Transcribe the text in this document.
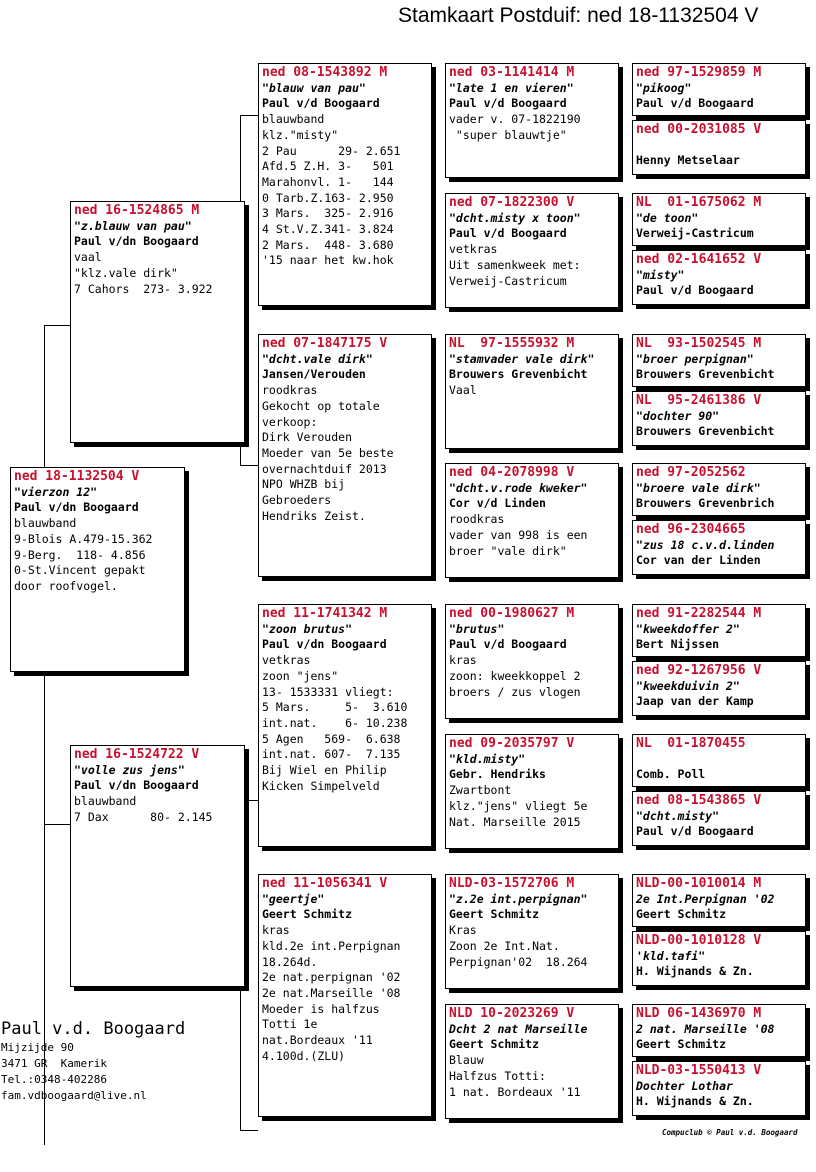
Stamkaart Postduif: ned 18-1132504 V
ned 18-1132504 V
"vierzon 12"
Paul v/dn Boogaard
blauwband
9-Blois A.479-15.362
9-Berg.  118- 4.856
0-St.Vincent gepakt
door roofvogel.
ned 16-1524865 M
"z.blauw van pau"
Paul v/dn Boogaard
vaal
"klz.vale dirk"
7 Cahors  273- 3.922
ned 16-1524722 V
"volle zus jens"
Paul v/dn Boogaard
blauwband
7 Dax      80- 2.145
ned 08-1543892 M
"blauw van pau"
Paul v/d Boogaard
blauwband
klz."misty"
2 Pau      29- 2.651
Afd.5 Z.H. 3-   501
Marahonvl. 1-   144
0 Tarb.Z.163- 2.950
3 Mars.  325- 2.916
4 St.V.Z.341- 3.824
2 Mars.  448- 3.680
'15 naar het kw.hok
ned 07-1847175 V
"dcht.vale dirk"
Jansen/Verouden
roodkras
Gekocht op totale
verkoop:
Dirk Verouden
Moeder van 5e beste
overnachtduif 2013
NPO WHZB bij
Gebroeders
Hendriks Zeist.
ned 11-1741342 M
"zoon brutus"
Paul v/dn Boogaard
vetkras
zoon "jens"
13- 1533331 vliegt:
5 Mars.     5-  3.610
int.nat.    6- 10.238
5 Agen   569-  6.638
int.nat. 607-  7.135
Bij Wiel en Philip
Kicken Simpelveld
ned 11-1056341 V
"geertje"
Geert Schmitz
kras
kld.2e int.Perpignan
18.264d.
2e nat.perpignan '02
2e nat.Marseille '08
Moeder is halfzus
Totti 1e
nat.Bordeaux '11
4.100d.(ZLU)
ned 03-1141414 M
"late 1 en vieren"
Paul v/d Boogaard
vader v. 07-1822190
"super blauwtje"
ned 07-1822300 V
"dcht.misty x toon"
Paul v/d Boogaard
vetkras
Uit samenkweek met:
Verweij-Castricum
NL  97-1555932 M
"stamvader vale dirk"
Brouwers Grevenbicht
Vaal
ned 04-2078998 V
"dcht.v.rode kweker"
Cor v/d Linden
roodkras
vader van 998 is een
broer "vale dirk"
ned 00-1980627 M
"brutus"
Paul v/d Boogaard
kras
zoon: kweekkoppel 2
broers / zus vlogen
ned 09-2035797 V
"kld.misty"
Gebr. Hendriks
Zwartbont
klz."jens" vliegt 5e
Nat. Marseille 2015
NLD-03-1572706 M
"z.2e int.perpignan"
Geert Schmitz
Kras
Zoon 2e Int.Nat.
Perpignan'02  18.264
NLD 10-2023269 V
Dcht 2 nat Marseille
Geert Schmitz
Blauw
Halfzus Totti:
1 nat. Bordeaux '11
ned 97-1529859 M
"pikoog"
Paul v/d Boogaard
ned 00-2031085 V

Henny Metselaar
NL  01-1675062 M
"de toon"
Verweij-Castricum
ned 02-1641652 V
"misty"
Paul v/d Boogaard
NL  93-1502545 M
"broer perpignan"
Brouwers Grevenbicht
NL  95-2461386 V
"dochter 90"
Brouwers Grevenbicht
ned 97-2052562
"broere vale dirk"
Brouwers Grevenbrich
ned 96-2304665
"zus 18 c.v.d.linden
Cor van der Linden
ned 91-2282544 M
"kweekdoffer 2"
Bert Nijssen
ned 92-1267956 V
"kweekduivin 2"
Jaap van der Kamp
NL  01-1870455

Comb. Poll
ned 08-1543865 V
"dcht.misty"
Paul v/d Boogaard
NLD-00-1010014 M
2e Int.Perpignan '02
Geert Schmitz
NLD-00-1010128 V
'kld.tafi"
H. Wijnands & Zn.
NLD 06-1436970 M
2 nat. Marseille '08
Geert Schmitz
NLD-03-1550413 V
Dochter Lothar
H. Wijnands & Zn.
Paul v.d. Boogaard
Mijzijde 90
3471 GR  Kamerik
Tel.:0348-402286
fam.vdboogaard@live.nl
Compuclub © Paul v.d. Boogaard
